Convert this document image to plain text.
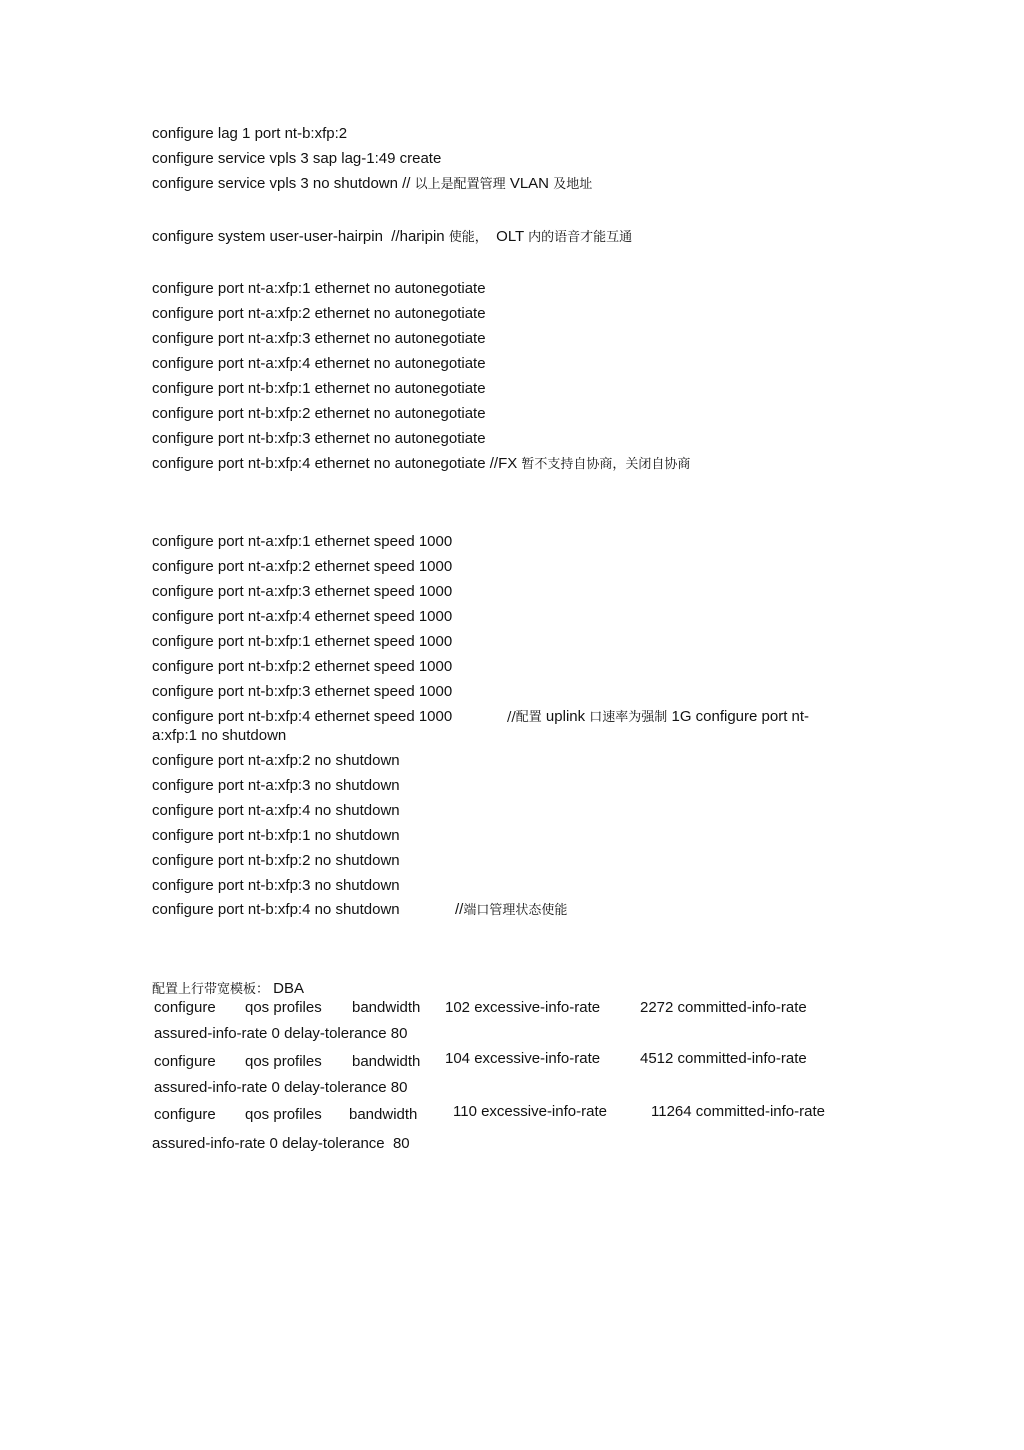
configure lag 1 port nt-b:xfp:2
configure service vpls 3 sap lag-1:49 create
configure service vpls 3 no shutdown // 以上是配置管理 VLAN 及地址
configure system user-user-hairpin  //haripin 使能，  OLT 内的语音才能互通
configure port nt-a:xfp:1 ethernet no autonegotiate
configure port nt-a:xfp:2 ethernet no autonegotiate
configure port nt-a:xfp:3 ethernet no autonegotiate
configure port nt-a:xfp:4 ethernet no autonegotiate
configure port nt-b:xfp:1 ethernet no autonegotiate
configure port nt-b:xfp:2 ethernet no autonegotiate
configure port nt-b:xfp:3 ethernet no autonegotiate
configure port nt-b:xfp:4 ethernet no autonegotiate //FX 暂不支持自协商，关闭自协商
configure port nt-a:xfp:1 ethernet speed 1000
configure port nt-a:xfp:2 ethernet speed 1000
configure port nt-a:xfp:3 ethernet speed 1000
configure port nt-a:xfp:4 ethernet speed 1000
configure port nt-b:xfp:1 ethernet speed 1000
configure port nt-b:xfp:2 ethernet speed 1000
configure port nt-b:xfp:3 ethernet speed 1000
configure port nt-b:xfp:4 ethernet speed 1000	//配置 uplink 口速率为强制 1G configure port nt-
a:xfp:1 no shutdown
configure port nt-a:xfp:2 no shutdown
configure port nt-a:xfp:3 no shutdown
configure port nt-a:xfp:4 no shutdown
configure port nt-b:xfp:1 no shutdown
configure port nt-b:xfp:2 no shutdown
configure port nt-b:xfp:3 no shutdown
configure port nt-b:xfp:4 no shutdown	//端口管理状态使能
配置上行带宽模板： DBA
configure qos profiles bandwidth 102 excessive-info-rate	2272 committed-info-rate
assured-info-rate 0 delay-tolerance 80
configure qos profiles bandwidth 104 excessive-info-rate	4512 committed-info-rate
assured-info-rate 0 delay-tolerance 80
configure qos profiles bandwidth 110 excessive-info-rate	11264 committed-info-rate
assured-info-rate 0 delay-tolerance  80
